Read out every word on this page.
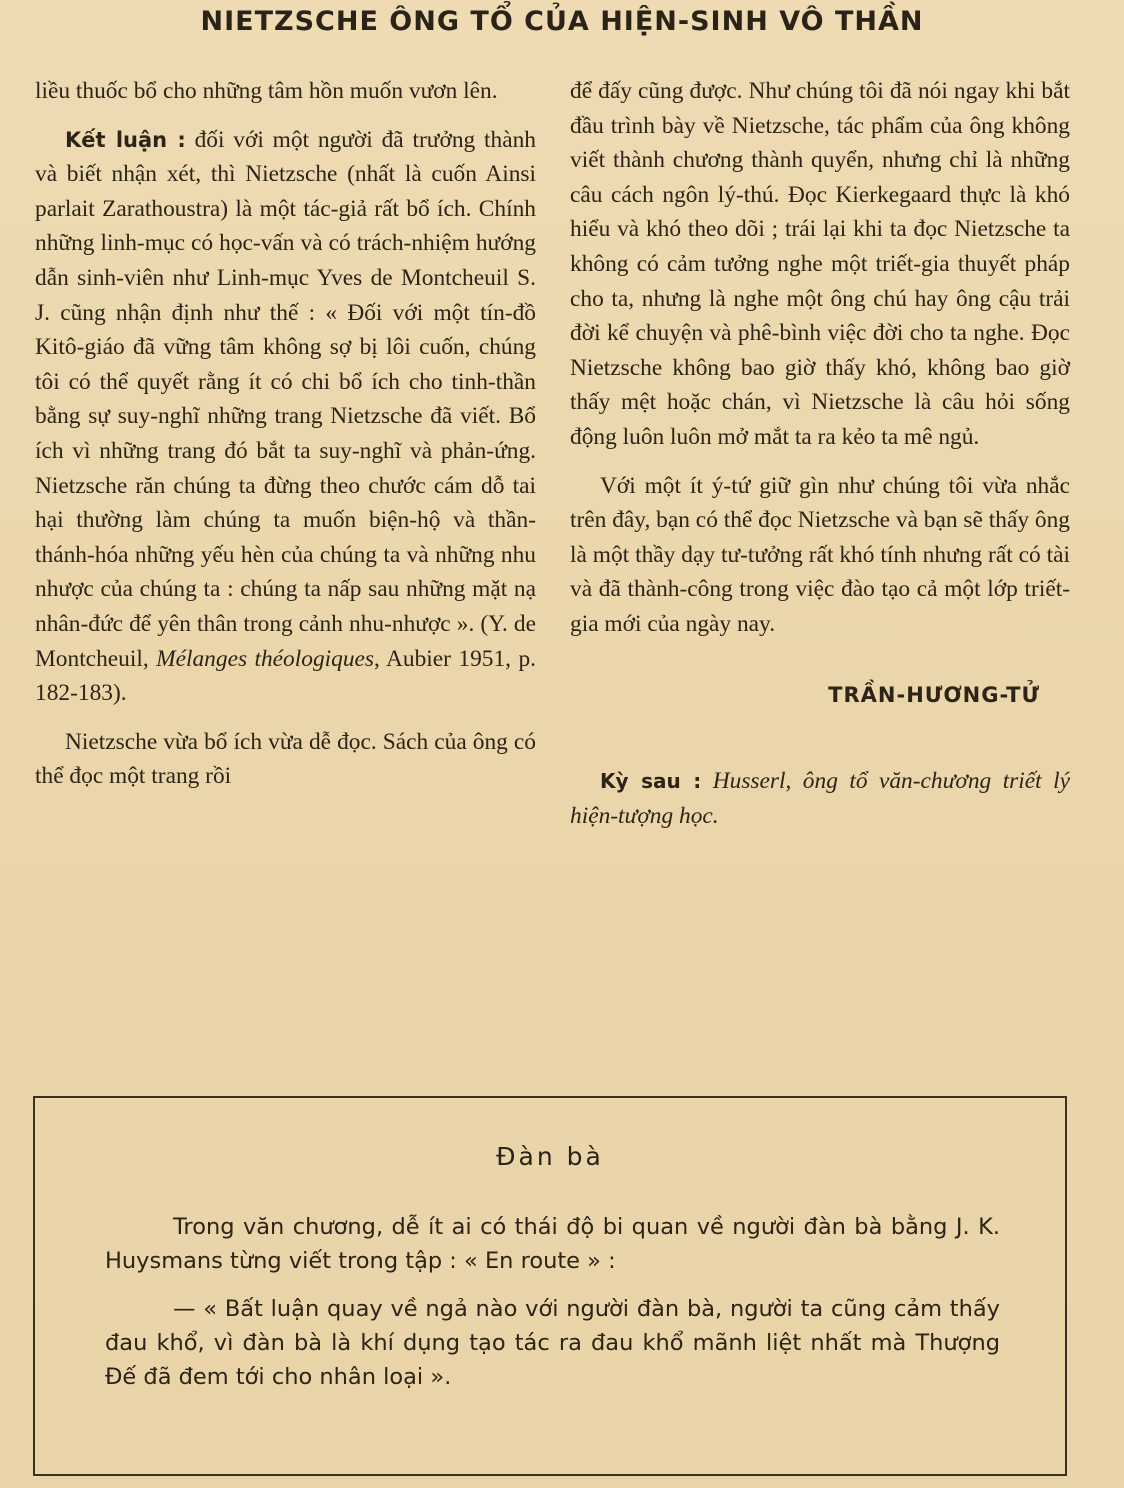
NIETZSCHE ÔNG TỔ CỦA HIỆN-SINH VÔ THẦN

liều thuốc bổ cho những tâm hồn muốn vươn lên.

Kết luận : đối với một người đã trưởng thành và biết nhận xét, thì Nietzsche (nhất là cuốn Ainsi parlait Zarathoustra) là một tác-giả rất bổ ích. Chính những linh-mục có học-vấn và có trách-nhiệm hướng dẫn sinh-viên như Linh-mục Yves de Montcheuil S. J. cũng nhận định như thế : « Đối với một tín-đồ Kitô-giáo đã vững tâm không sợ bị lôi cuốn, chúng tôi có thể quyết rằng ít có chi bổ ích cho tinh-thần bằng sự suy-nghĩ những trang Nietzsche đã viết. Bổ ích vì những trang đó bắt ta suy-nghĩ và phản-ứng. Nietzsche răn chúng ta đừng theo chước cám dỗ tai hại thường làm chúng ta muốn biện-hộ và thần-thánh-hóa những yếu hèn của chúng ta và những nhu nhược của chúng ta : chúng ta nấp sau những mặt nạ nhân-đức để yên thân trong cảnh nhu-nhược ». (Y. de Montcheuil, Mélanges théologiques, Aubier 1951, p. 182-183).

Nietzsche vừa bổ ích vừa dễ đọc. Sách của ông có thể đọc một trang rồi

để đấy cũng được. Như chúng tôi đã nói ngay khi bắt đầu trình bày về Nietzsche, tác phẩm của ông không viết thành chương thành quyển, nhưng chỉ là những câu cách ngôn lý-thú. Đọc Kierkegaard thực là khó hiểu và khó theo dõi ; trái lại khi ta đọc Nietzsche ta không có cảm tưởng nghe một triết-gia thuyết pháp cho ta, nhưng là nghe một ông chú hay ông cậu trải đời kể chuyện và phê-bình việc đời cho ta nghe. Đọc Nietzsche không bao giờ thấy khó, không bao giờ thấy mệt hoặc chán, vì Nietzsche là câu hỏi sống động luôn luôn mở mắt ta ra kẻo ta mê ngủ.

Với một ít ý-tứ giữ gìn như chúng tôi vừa nhắc trên đây, bạn có thể đọc Nietzsche và bạn sẽ thấy ông là một thầy dạy tư-tưởng rất khó tính nhưng rất có tài và đã thành-công trong việc đào tạo cả một lớp triết-gia mới của ngày nay.

TRẦN-HƯƠNG-TỬ

Kỳ sau : Husserl, ông tổ văn-chương triết lý hiện-tượng học.

Đàn bà

Trong văn chương, dễ ít ai có thái độ bi quan về người đàn bà bằng J. K. Huysmans từng viết trong tập : « En route » :

— « Bất luận quay về ngả nào với người đàn bà, người ta cũng cảm thấy đau khổ, vì đàn bà là khí dụng tạo tác ra đau khổ mãnh liệt nhất mà Thượng Đế đã đem tới cho nhân loại ».
